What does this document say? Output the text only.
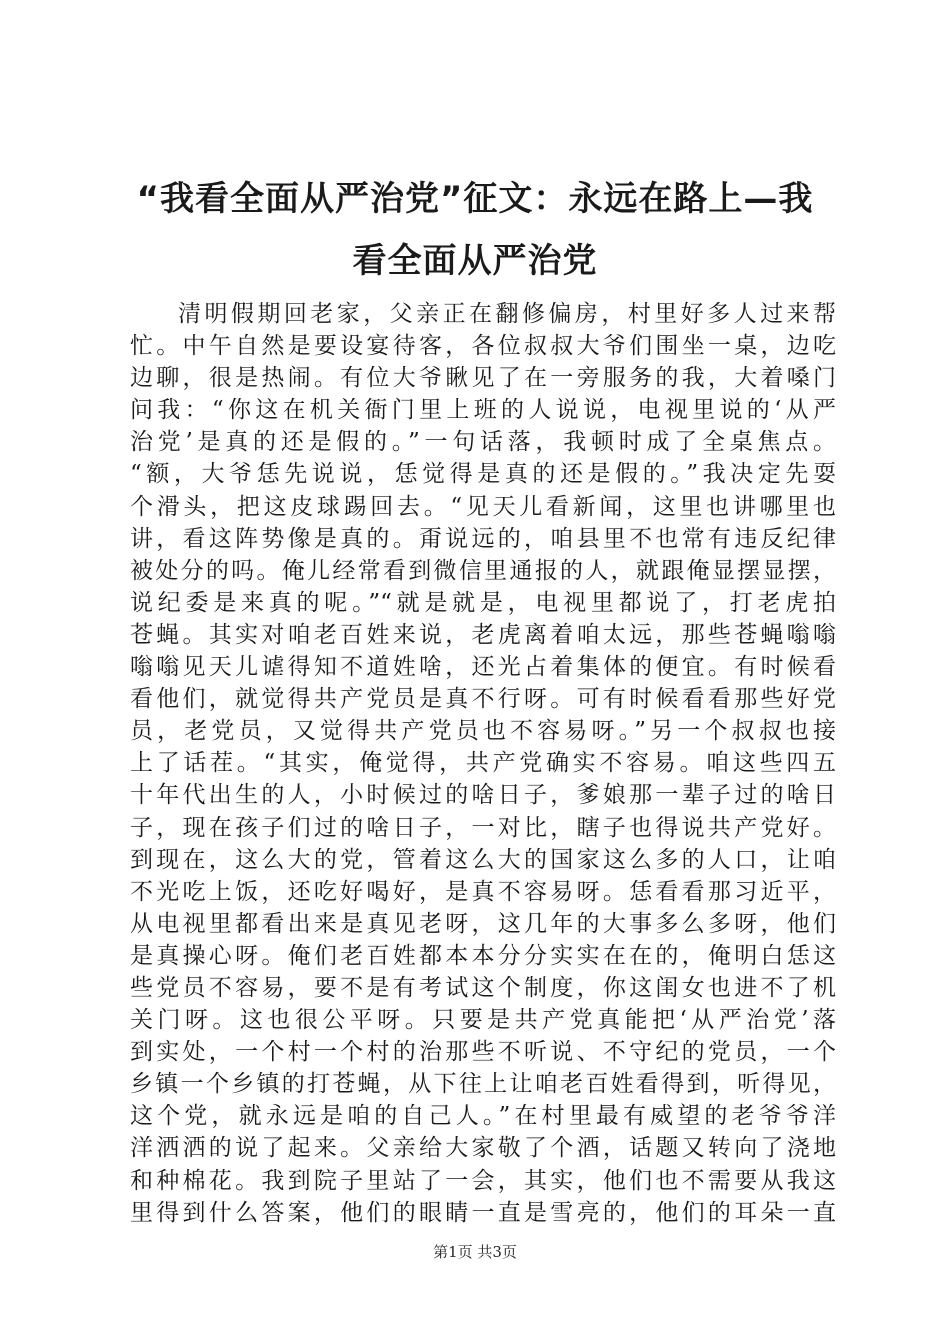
“我看全面从严治党”征文：永远在路上—我
看全面从严治党
清明假期回老家，父亲正在翻修偏房，村里好多人过来帮
忙。中午自然是要设宴待客，各位叔叔大爷们围坐一桌，边吃
边聊，很是热闹。有位大爷瞅见了在一旁服务的我，大着嗓门
问我：“你这在机关衙门里上班的人说说，电视里说的‘从严
治党’是真的还是假的。”一句话落，我顿时成了全桌焦点。
“额，大爷恁先说说，恁觉得是真的还是假的。”我决定先耍
个滑头，把这皮球踢回去。“见天儿看新闻，这里也讲哪里也
讲，看这阵势像是真的。甭说远的，咱县里不也常有违反纪律
被处分的吗。俺儿经常看到微信里通报的人，就跟俺显摆显摆，
说纪委是来真的呢。”“就是就是，电视里都说了，打老虎拍
苍蝇。其实对咱老百姓来说，老虎离着咱太远，那些苍蝇嗡嗡
嗡嗡见天儿谑得知不道姓啥，还光占着集体的便宜。有时候看
看他们，就觉得共产党员是真不行呀。可有时候看看那些好党
员，老党员，又觉得共产党员也不容易呀。”另一个叔叔也接
上了话茬。“其实，俺觉得，共产党确实不容易。咱这些四五
十年代出生的人，小时候过的啥日子，爹娘那一辈子过的啥日
子，现在孩子们过的啥日子，一对比，瞎子也得说共产党好。
到现在，这么大的党，管着这么大的国家这么多的人口，让咱
不光吃上饭，还吃好喝好，是真不容易呀。恁看看那习近平，
从电视里都看出来是真见老呀，这几年的大事多么多呀，他们
是真操心呀。俺们老百姓都本本分分实实在在的，俺明白恁这
些党员不容易，要不是有考试这个制度，你这闺女也进不了机
关门呀。这也很公平呀。只要是共产党真能把‘从严治党’落
到实处，一个村一个村的治那些不听说、不守纪的党员，一个
乡镇一个乡镇的打苍蝇，从下往上让咱老百姓看得到，听得见，
这个党，就永远是咱的自己人。”在村里最有威望的老爷爷洋
洋洒洒的说了起来。父亲给大家敬了个酒，话题又转向了浇地
和种棉花。我到院子里站了一会，其实，他们也不需要从我这
里得到什么答案，他们的眼睛一直是雪亮的，他们的耳朵一直
第1页 共3页
